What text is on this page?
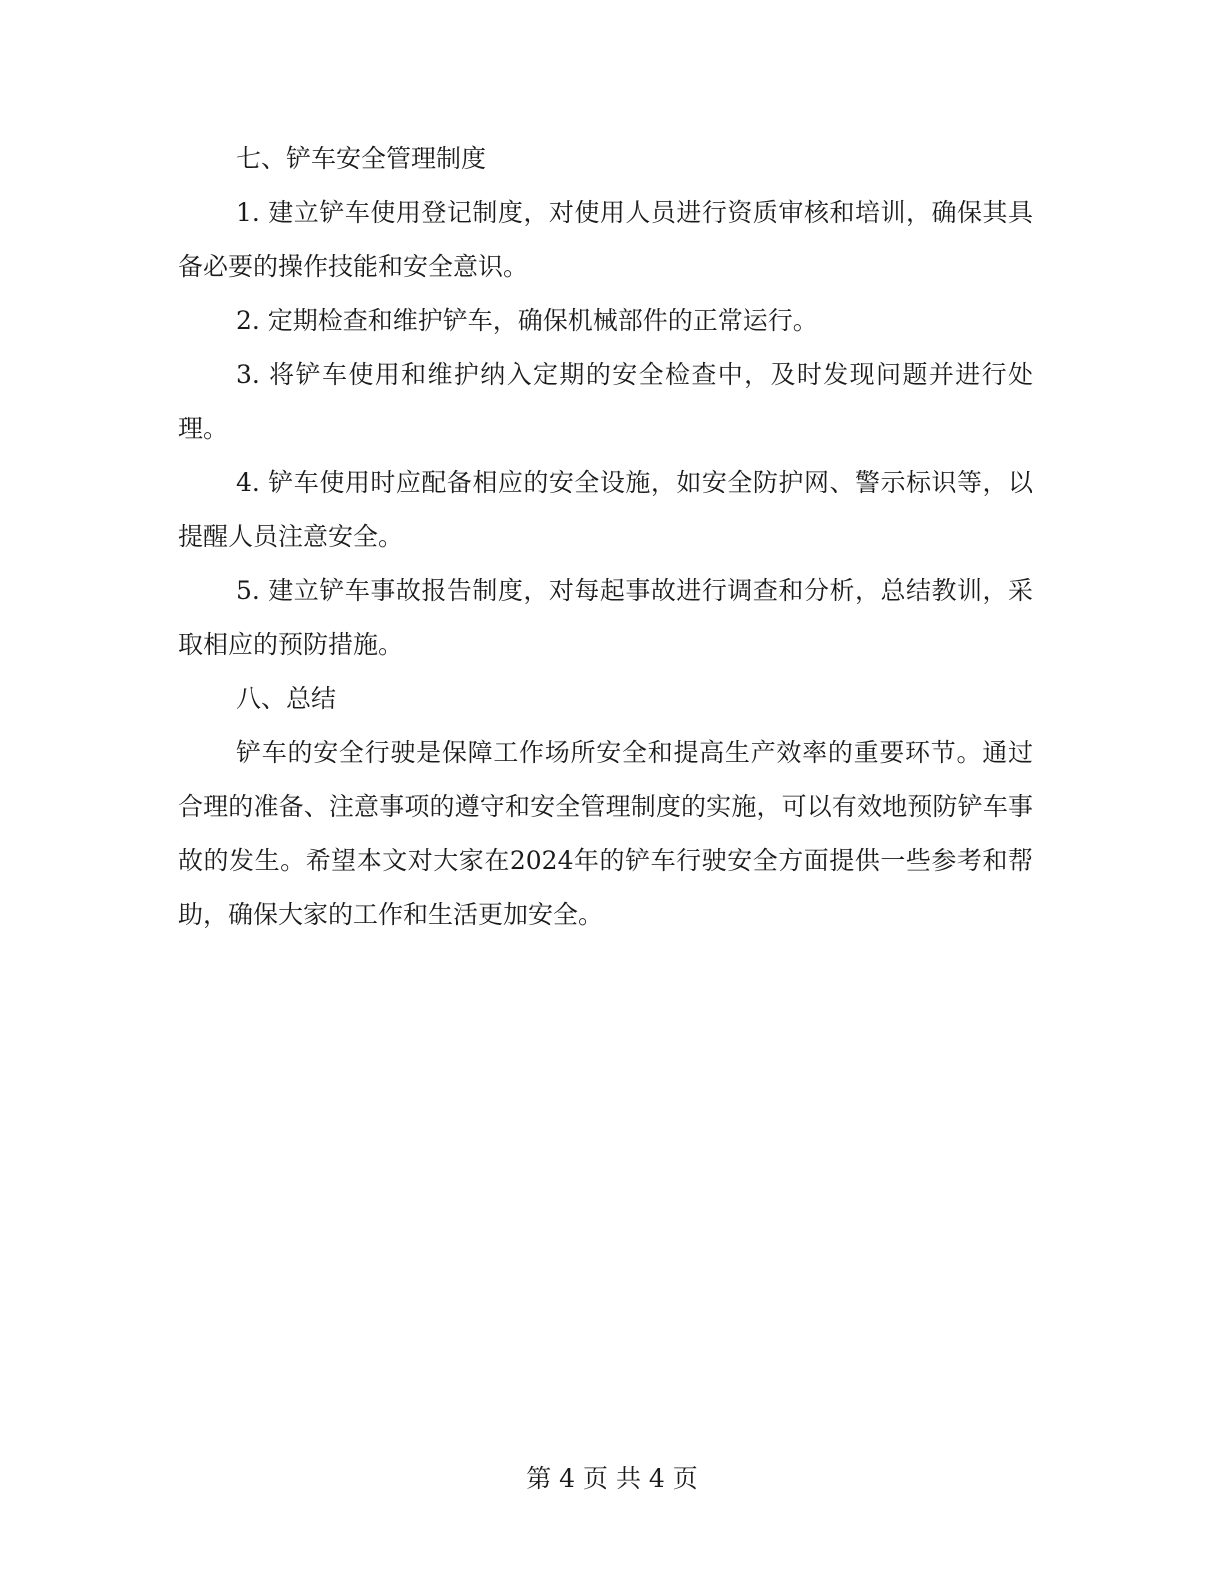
七、铲车安全管理制度

1. 建立铲车使用登记制度，对使用人员进行资质审核和培训，确保其具备必要的操作技能和安全意识。

2. 定期检查和维护铲车，确保机械部件的正常运行。

3. 将铲车使用和维护纳入定期的安全检查中，及时发现问题并进行处理。

4. 铲车使用时应配备相应的安全设施，如安全防护网、警示标识等，以提醒人员注意安全。

5. 建立铲车事故报告制度，对每起事故进行调查和分析，总结教训，采取相应的预防措施。

八、总结

铲车的安全行驶是保障工作场所安全和提高生产效率的重要环节。通过合理的准备、注意事项的遵守和安全管理制度的实施，可以有效地预防铲车事故的发生。希望本文对大家在2024年的铲车行驶安全方面提供一些参考和帮助，确保大家的工作和生活更加安全。

第 4 页 共 4 页
